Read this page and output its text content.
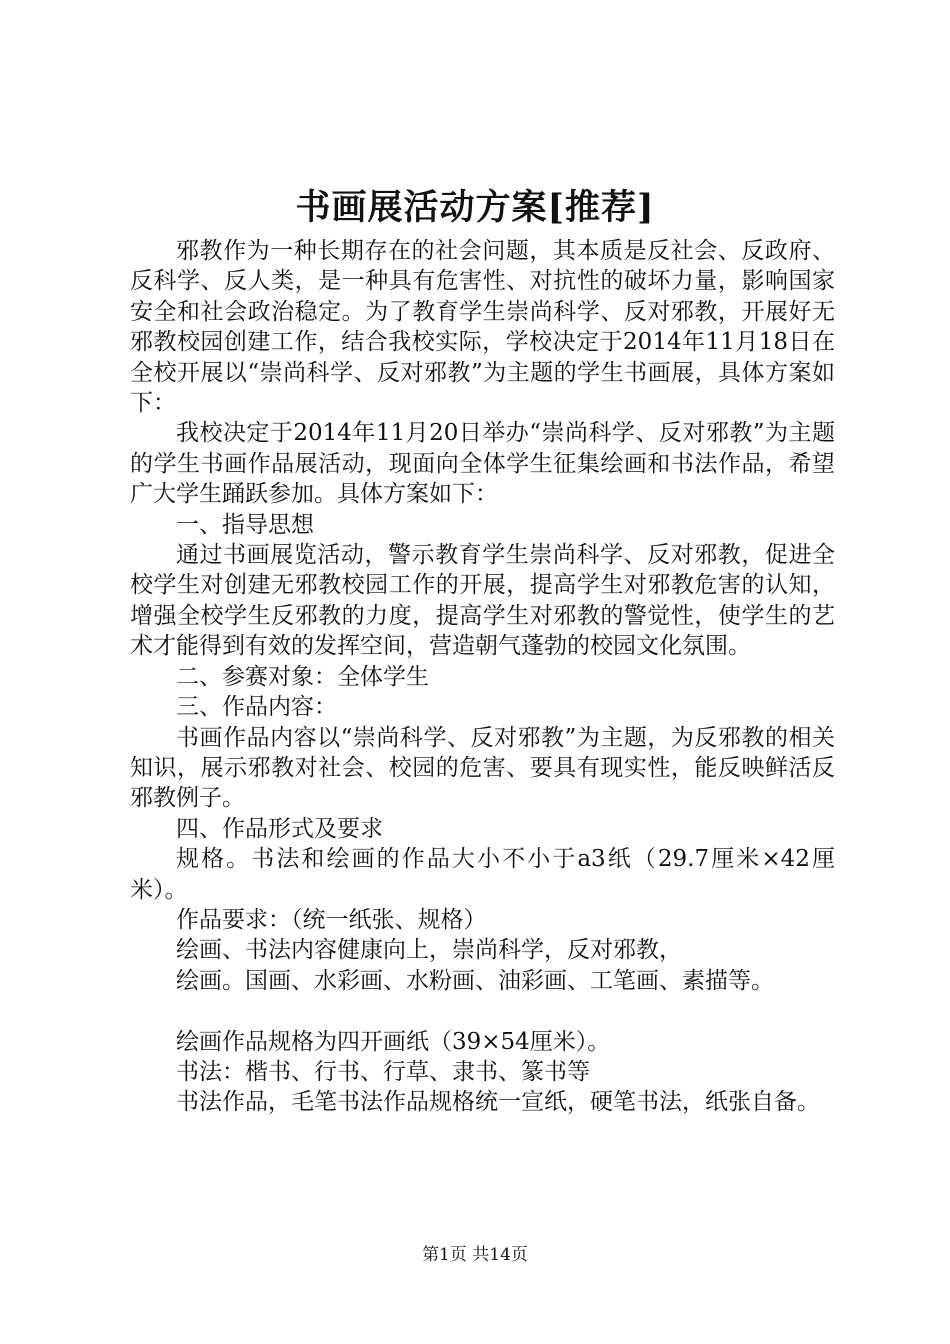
书画展活动方案[推荐]

邪教作为一种长期存在的社会问题，其本质是反社会、反政府、反科学、反人类，是一种具有危害性、对抗性的破坏力量，影响国家安全和社会政治稳定。为了教育学生崇尚科学、反对邪教，开展好无邪教校园创建工作，结合我校实际，学校决定于2014年11月18日在全校开展以“崇尚科学、反对邪教”为主题的学生书画展，具体方案如下：

我校决定于2014年11月20日举办“崇尚科学、反对邪教”为主题的学生书画作品展活动，现面向全体学生征集绘画和书法作品，希望广大学生踊跃参加。具体方案如下：

一、指导思想

通过书画展览活动，警示教育学生崇尚科学、反对邪教，促进全校学生对创建无邪教校园工作的开展，提高学生对邪教危害的认知，增强全校学生反邪教的力度，提高学生对邪教的警觉性，使学生的艺术才能得到有效的发挥空间，营造朝气蓬勃的校园文化氛围。

二、参赛对象：全体学生

三、作品内容：

书画作品内容以“崇尚科学、反对邪教”为主题，为反邪教的相关知识，展示邪教对社会、校园的危害、要具有现实性，能反映鲜活反邪教例子。

四、作品形式及要求

规格。书法和绘画的作品大小不小于a3纸（29.7厘米×42厘米）。

作品要求：（统一纸张、规格）

绘画、书法内容健康向上，崇尚科学，反对邪教，

绘画。国画、水彩画、水粉画、油彩画、工笔画、素描等。

绘画作品规格为四开画纸（39×54厘米）。

书法：楷书、行书、行草、隶书、篆书等

书法作品，毛笔书法作品规格统一宣纸，硬笔书法，纸张自备。

第1页 共14页
